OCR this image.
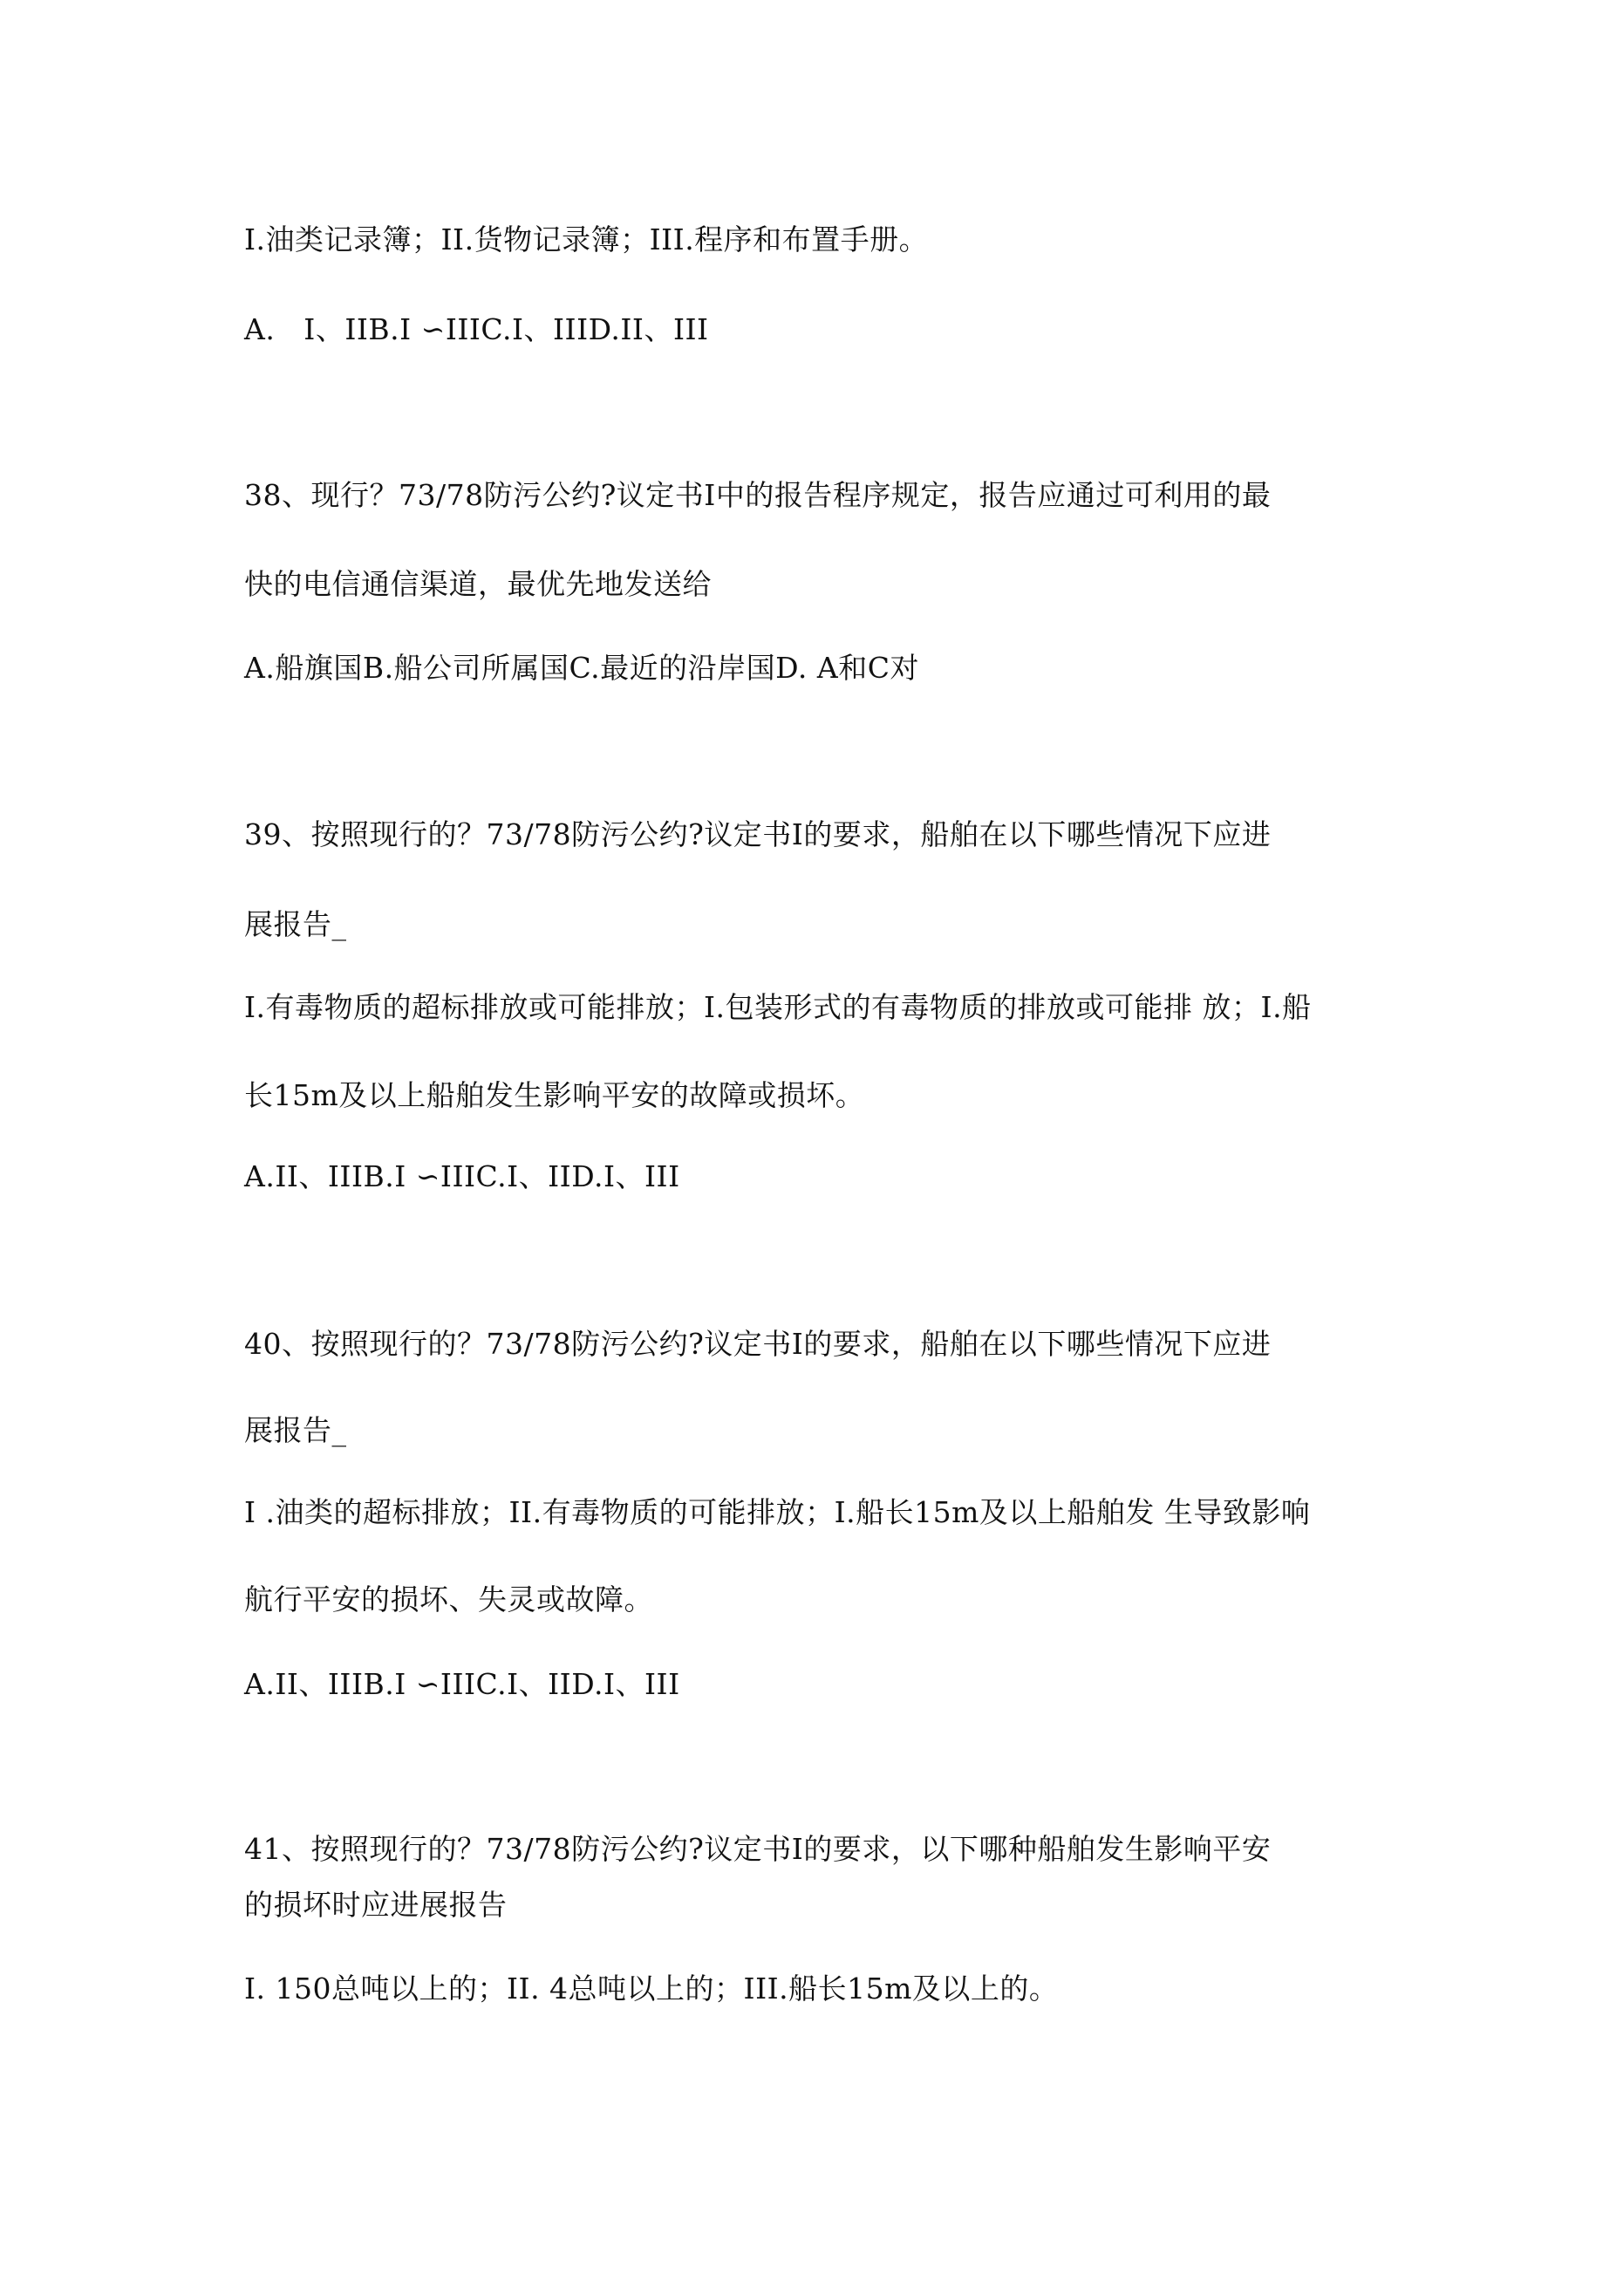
I.油类记录簿；II.货物记录簿；III.程序和布置手册。

A.   I、IIB.I ∽IIIC.I、IIID.II、III

38、现行？73/78防污公约?议定书I中的报告程序规定，报告应通过可利用的最

快的电信通信渠道，最优先地发送给

A.船旗国B.船公司所属国C.最近的沿岸国D. A和C对

39、按照现行的？73/78防污公约?议定书I的要求，船舶在以下哪些情况下应进

展报告_

I.有毒物质的超标排放或可能排放；I.包装形式的有毒物质的排放或可能排 放；I.船

长15m及以上船舶发生影响平安的故障或损坏。

A.II、IIIB.I ∽IIIC.I、IID.I、III

40、按照现行的？73/78防污公约?议定书I的要求，船舶在以下哪些情况下应进

展报告_

I .油类的超标排放；II.有毒物质的可能排放；I.船长15m及以上船舶发 生导致影响

航行平安的损坏、失灵或故障。

A.II、IIIB.I ∽IIIC.I、IID.I、III

41、按照现行的？73/78防污公约?议定书I的要求，以下哪种船舶发生影响平安

的损坏时应进展报告

I. 150总吨以上的；II. 4总吨以上的；III.船长15m及以上的。
